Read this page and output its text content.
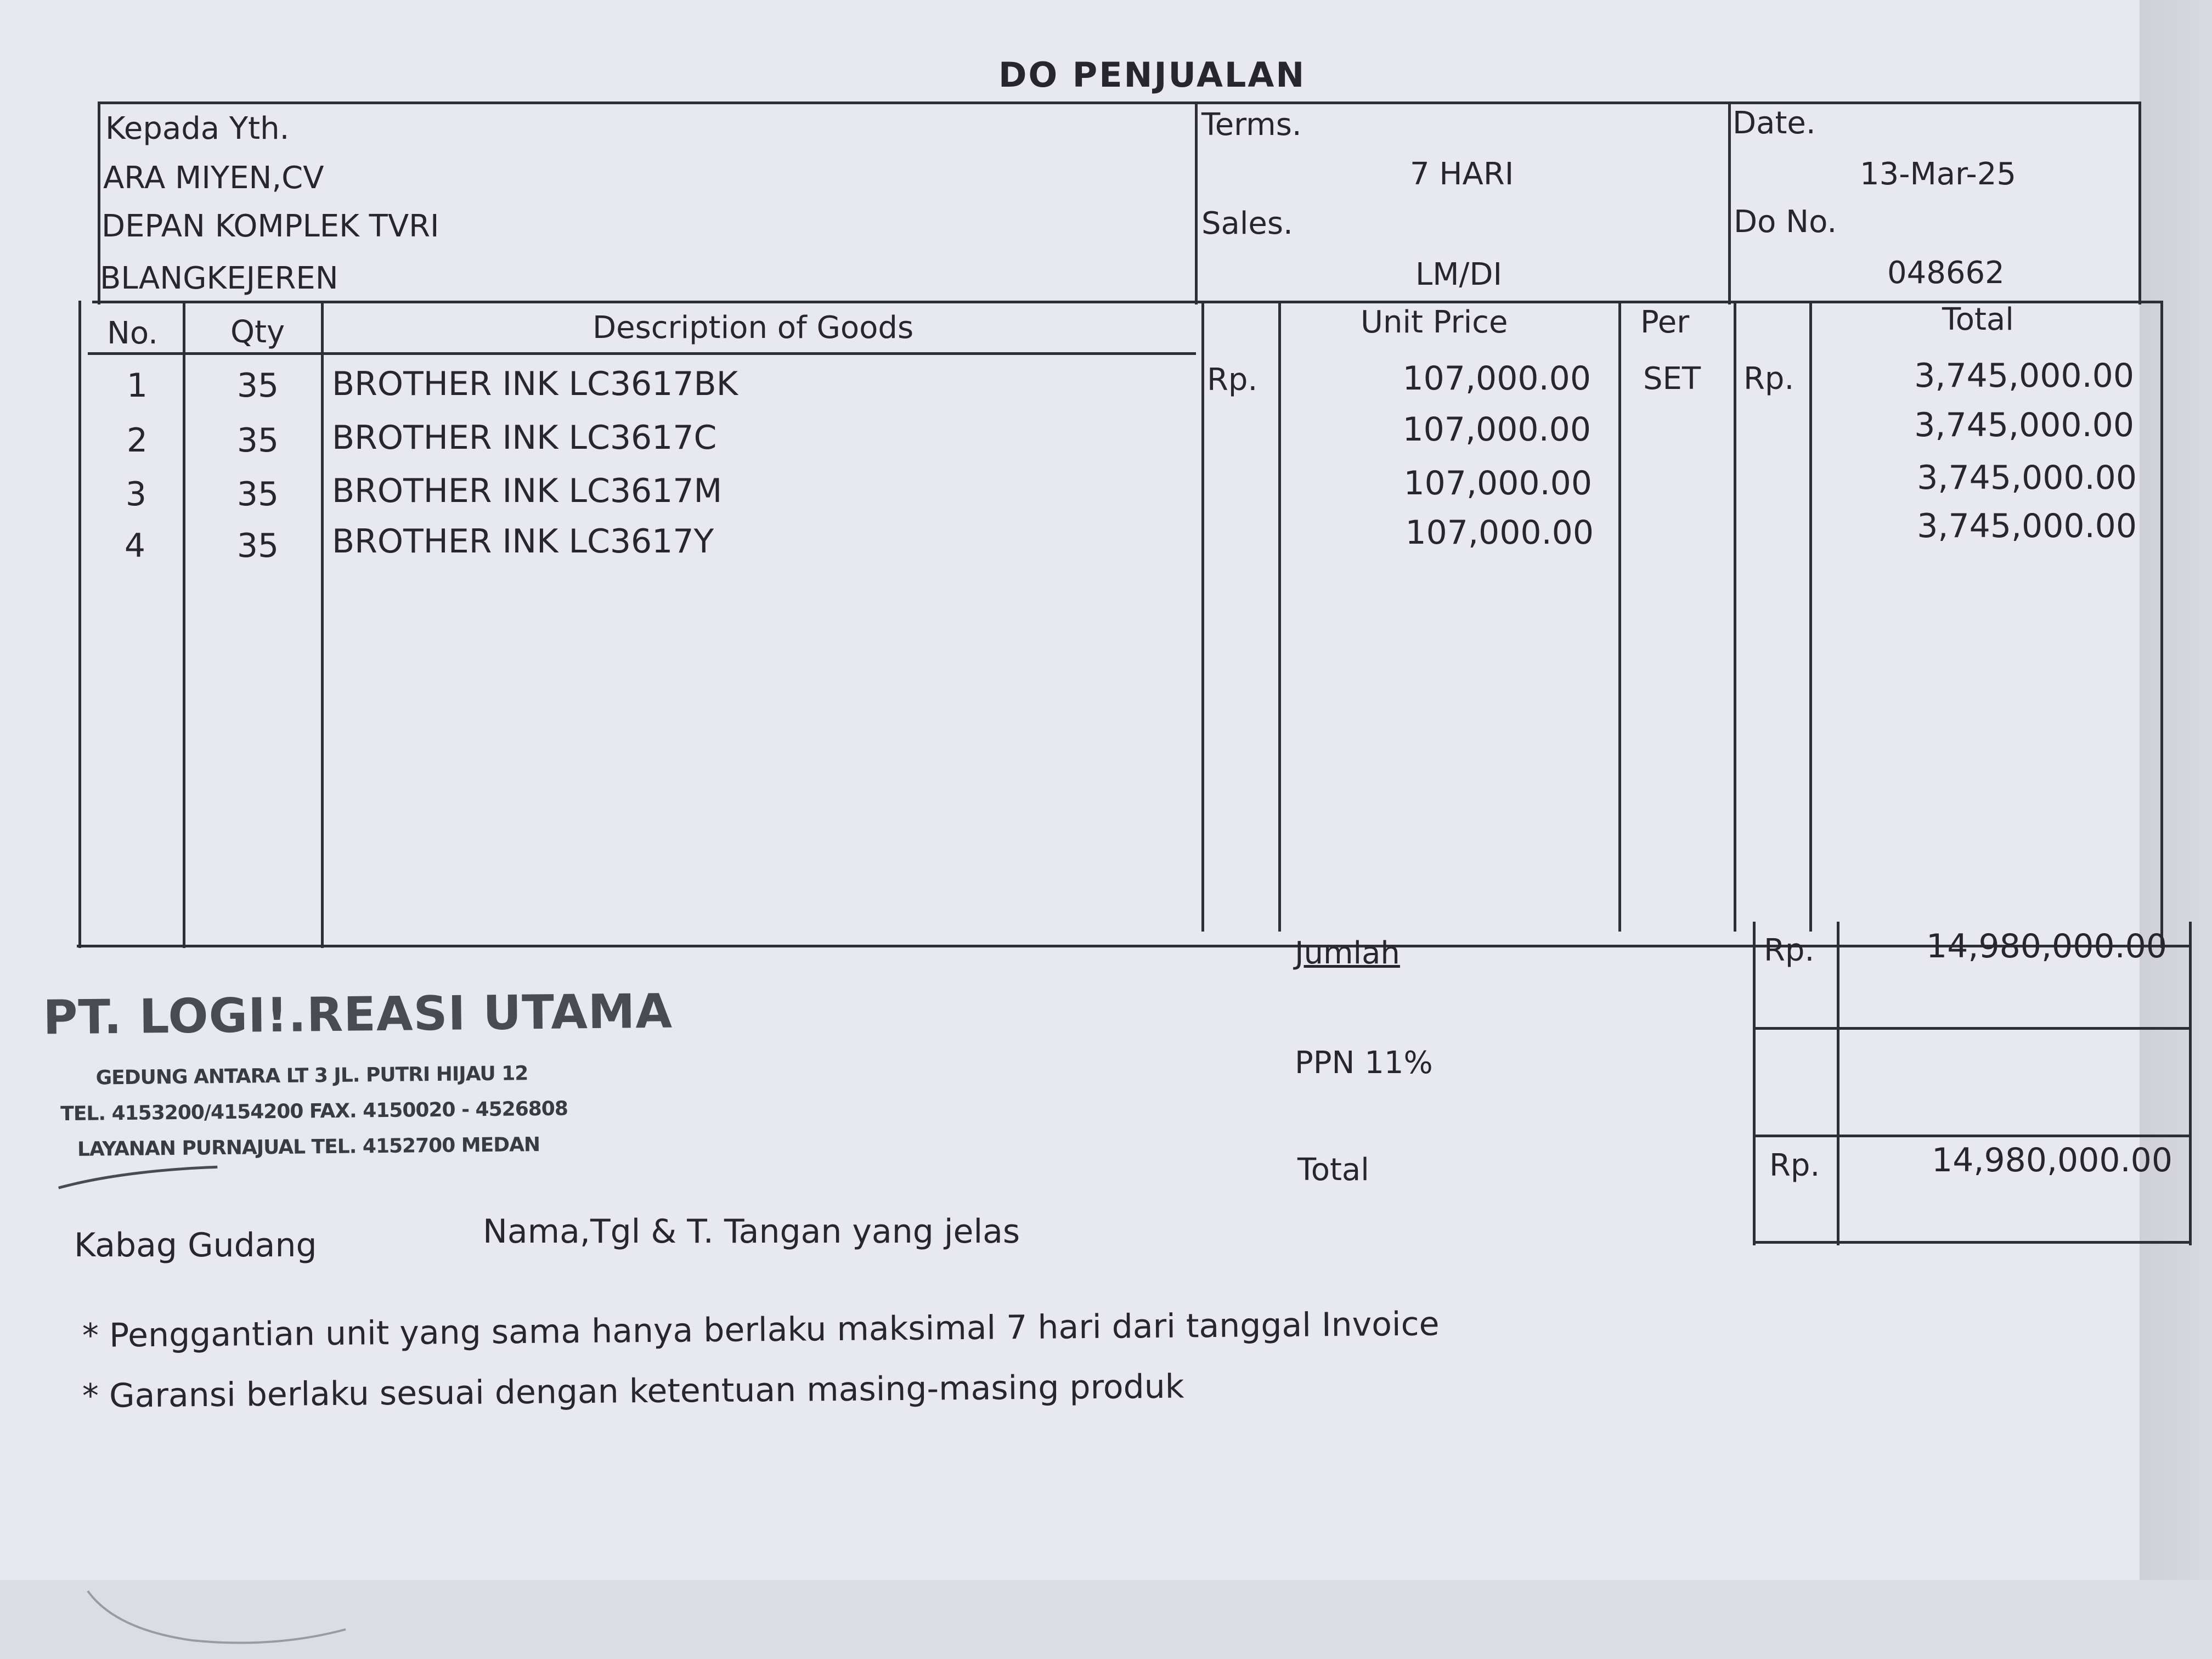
DO PENJUALAN
Kepada Yth.
ARA MIYEN,CV
DEPAN KOMPLEK TVRI
BLANGKEJEREN
Terms.
7 HARI
Sales.
LM/DI
Date.
13-Mar-25
Do No.
048662
No. Qty	Description of Goods	Unit Price	Per	Total
1	35	BROTHER INK LC3617BK	Rp.	107,000.00 SET Rp.	3,745,000.00
2	35	BROTHER INK LC3617C	107,000.00	3,745,000.00
3	35	BROTHER INK LC3617M	107,000.00	3,745,000.00
4	35	BROTHER INK LC3617Y	107,000.00	3,745,000.00
Jumlah	Rp.	14,980,000.00
PPN 11%
Total	Rp.	14,980,000.00
PT. LOGI!.REASI UTAMA
GEDUNG ANTARA LT 3 JL. PUTRI HIJAU 12
TEL. 4153200/4154200 FAX. 4150020 - 4526808
LAYANAN PURNAJUAL TEL. 4152700 MEDAN
Kabag Gudang	Nama,Tgl & T. Tangan yang jelas
* Penggantian unit yang sama hanya berlaku maksimal 7 hari dari tanggal Invoice
* Garansi berlaku sesuai dengan ketentuan masing-masing produk
